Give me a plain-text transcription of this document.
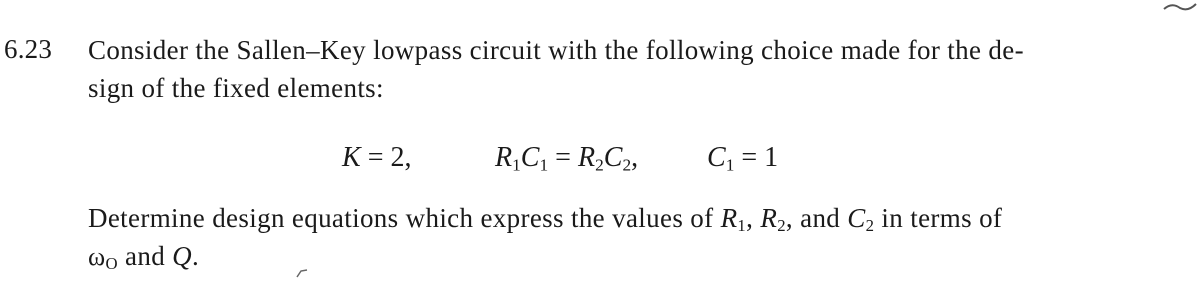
6.23 Consider the Sallen–Key lowpass circuit with the following choice made for the de-
sign of the fixed elements:

K = 2,	$R_1C_1 = R_2C_2$, $C_1 = 1$

Determine design equations which express the values of $R_1$, $R_2$, and $C_2$ in terms of
$\omega_O$ and Q.
